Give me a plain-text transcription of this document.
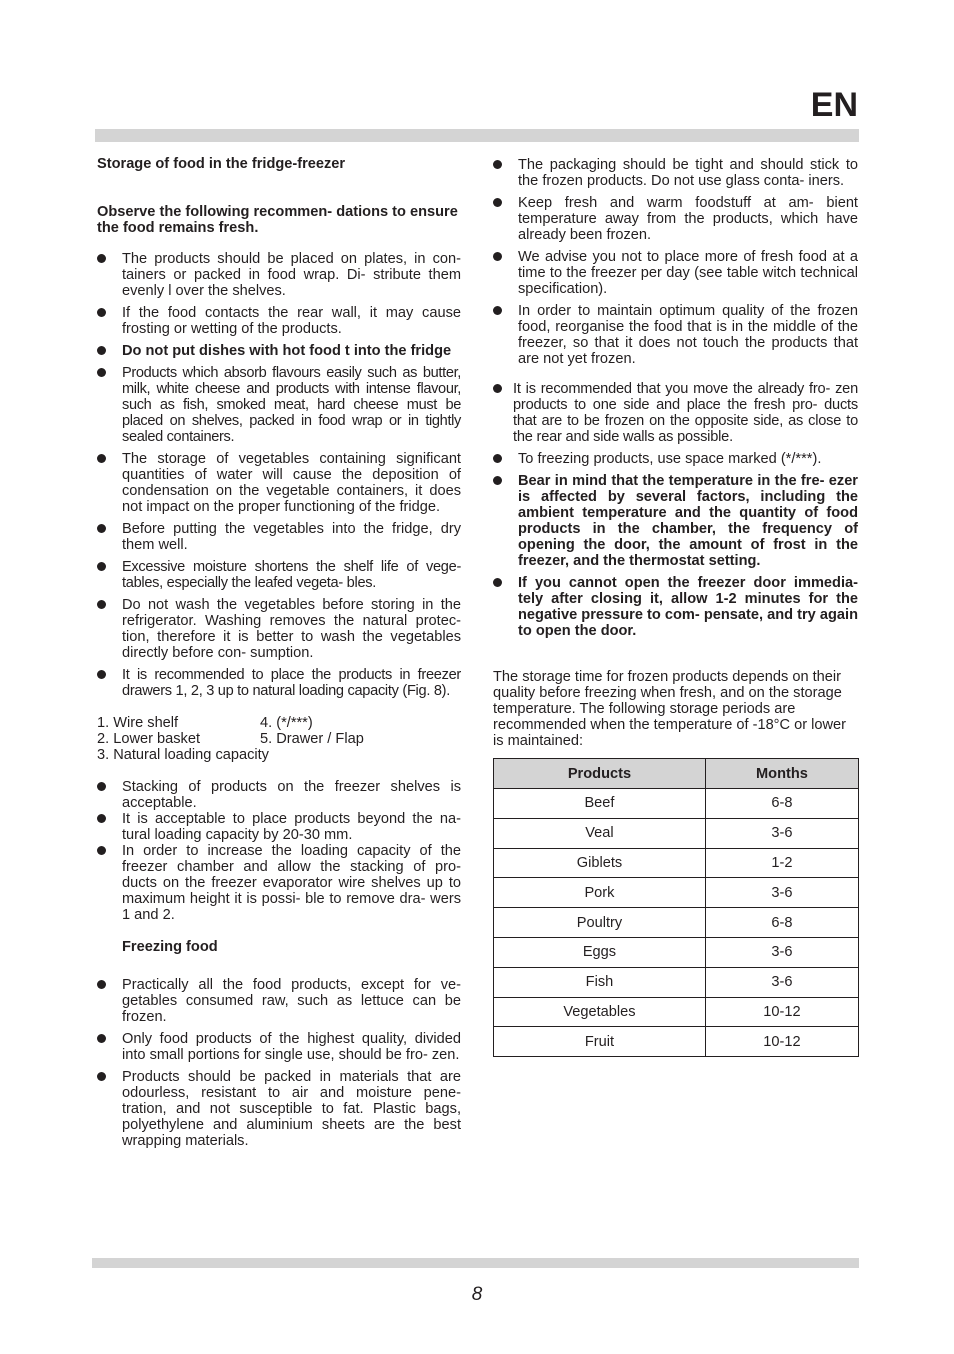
EN

Storage of food in the fridge-freezer

Observe the following recommen- dations to ensure the food remains fresh.

The products should be placed on plates, in con- tainers or packed in food wrap. Di- stribute them evenly l over the shelves.
If the food contacts the rear wall, it may cause frosting or wetting of the products.
Do not put dishes with hot food t into the fridge
Products which absorb flavours easily such as butter, milk, white cheese and products with intense flavour, such as fish, smoked meat, hard cheese must be placed on shelves, packed in food wrap or in tightly sealed containers.
The storage of vegetables containing significant quantities of water will cause the deposition of condensation on the vegetable containers, it does not impact on the proper functioning of the fridge.
Before putting the vegetables into the fridge, dry them well.
Excessive moisture shortens the shelf life of vege- tables, especially the leafed vegeta- bles.
Do not wash the vegetables before storing in the refrigerator. Washing removes the natural protec- tion, therefore it is better to wash the vegetables directly before con- sumption.
It is recommended to place the products in freezer drawers 1, 2, 3 up to natural loading capacity (Fig. 8).
1. Wire shelf	4. (*/***)
2. Lower basket	5. Drawer / Flap
3. Natural loading capacity
Stacking of products on the freezer shelves is acceptable.
It is acceptable to place products beyond the na- tural loading capacity by 20-30 mm.
In order to increase the loading capacity of the freezer chamber and allow the stacking of pro- ducts on the freezer evaporator wire shelves up to maximum height it is possi- ble to remove dra- wers 1 and 2.

Freezing food

Practically all the food products, except for ve- getables consumed raw, such as lettuce can be frozen.
Only food products of the highest quality, divided into small portions for single use, should be fro- zen.
Products should be packed in materials that are odourless, resistant to air and moisture pene- tration, and not susceptible to fat. Plastic bags, polyethylene and aluminium sheets are the best wrapping materials.
The packaging should be tight and should stick to the frozen products. Do not use glass conta- iners.
Keep fresh and warm foodstuff at am- bient temperature away from the products, which have already been frozen.
We advise you not to place more of fresh food at a time to the freezer per day (see table witch technical specification).
In order to maintain optimum quality of the frozen food, reorganise the food that is in the middle of the freezer, so that it does not touch the products that are not yet frozen.
It is recommended that you move the already fro- zen products to one side and place the fresh pro- ducts that are to be frozen on the opposite side, as close to the rear and side walls as possible.
To freezing products, use space marked (*/***).
Bear in mind that the temperature in the fre- ezer is affected by several factors, including the ambient temperature and the quantity of food products in the chamber, the frequency of opening the door, the amount of frost in the freezer, and the thermostat setting.
If you cannot open the freezer door immedia- tely after closing it, allow 1-2 minutes for the negative pressure to com- pensate, and try again to open the door.

The storage time for frozen products depends on their quality before freezing when fresh, and on the storage temperature. The following storage periods are recommended when the temperature of -18°C or lower is maintained:

Products	Months
Beef	6-8
Veal	3-6
Giblets	1-2
Pork	3-6
Poultry	6-8
Eggs	3-6
Fish	3-6
Vegetables	10-12
Fruit	10-12
8
